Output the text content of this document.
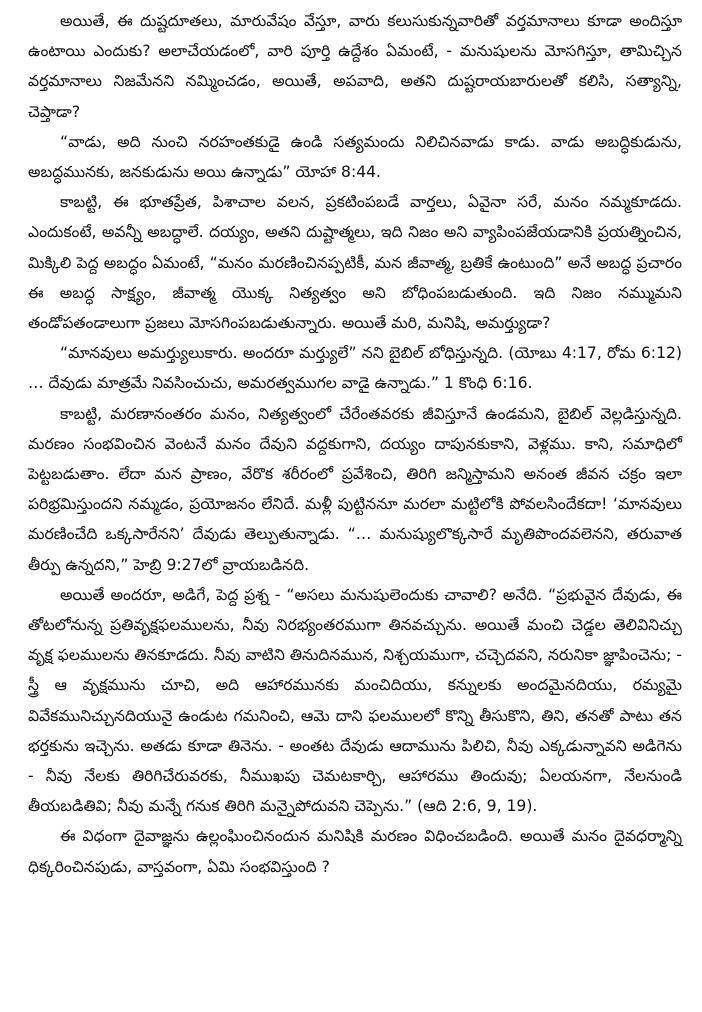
అయితే, ఈ దుష్టదూతలు, మారువేషం వేస్తూ, వారు కలుసుకున్నవారితో వర్తమానాలు కూడా అందిస్తూ ఉంటాయి ఎందుకు? అలాచేయడంలో, వారి పూర్తి ఉద్దేశం ఏమంటే, - మనుషులను మోసగిస్తూ, తామిచ్చిన వర్తమానాలు నిజమేనని నమ్మించడం, అయితే, అపవాది, అతని దుష్టరాయబారులతో కలిసి, సత్యాన్ని, చెప్తాడా?

“వాడు, అది నుంచి నరహంతకుడై ఉండి సత్యమందు నిలిచినవాడు కాడు. వాడు అబద్ధికుడును, అబద్ధమునకు, జనకుడును అయి ఉన్నాడు” యోహా 8:44.

కాబట్టి, ఈ భూతప్రేత, పిశాచాల వలన, ప్రకటింపబడే వార్తలు, ఏవైనా సరే, మనం నమ్మకూడదు. ఎందుకంటే, అవన్నీ అబద్ధాలే. దయ్యం, అతని దుష్టాత్మలు, ఇది నిజం అని వ్యాపింపజేయడానికి ప్రయత్నించిన, మిక్కిలి పెద్ద అబద్ధం ఏమంటే, “మనం మరణించినప్పటికీ, మన జీవాత్మ, బ్రతికే ఉంటుంది” అనే అబద్ధ ప్రచారం ఈ అబద్ధ సాక్ష్యం, జీవాత్మ యొక్క నిత్యత్వం అని బోధింపబడుతుంది. ఇది నిజం నమ్ముమని తండోపతండాలుగా ప్రజలు మోసగింపబడుతున్నారు. అయితే మరి, మనిషి, అమర్త్యుడా?

“మానవులు అమర్త్యులుకారు. అందరూ మర్త్యులే” నని బైబిల్ బోధిస్తున్నది. (యోబు 4:17, రోమ 6:12) … దేవుడు మాత్రమే నివసించుచు, అమరత్వముగల వాడై ఉన్నాడు.” 1 కొంధి 6:16.

కాబట్టి, మరణానంతరం మనం, నిత్యత్వంలో చేరేంతవరకు జీవిస్తూనే ఉండమని, బైబిల్ వెల్లడిస్తున్నది. మరణం సంభవించిన వెంటనే మనం దేవుని వద్దకుగాని, దయ్యం దాపునకుకాని, వెళ్లము. కాని, సమాధిలో పెట్టబడుతాం. లేదా మన ప్రాణం, వేరొక శరీరంలో ప్రవేశించి, తిరిగి జన్మిస్తామని అనంత జీవన చక్రం ఇలా పరిభ్రమిస్తుందని నమ్మడం, ప్రయోజనం లేనిదే. మళ్లీ పుట్టిననూ మరలా మట్టిలోకి పోవలసిందేకదా! ‘మానవులు మరణించేది ఒక్కసారేనని’ దేవుడు తెల్పుతున్నాడు. “… మనుష్యులొక్కసారే మృతిపొందవలెనని, తరువాత తీర్పు ఉన్నదని,” హెబ్రి 9:27లో వ్రాయబడినది.

అయితే అందరూ, అడిగే, పెద్ద ప్రశ్న - “అసలు మనుషులెందుకు చావాలి? అనేది. “ప్రభువైన దేవుడు, ఈ తోటలోనున్న ప్రతివృక్షఫలములను, నీవు నిరభ్యంతరముగా తినవచ్చును. అయితే మంచి చెడ్డల తెలివినిచ్చు వృక్ష ఫలములను తినకూడదు. నీవు వాటిని తినుదినమున, నిశ్చయముగా, చచ్చెదవని, నరునికా జ్ఞాపించెను; - స్త్రీ ఆ వృక్షమును చూచి, అది ఆహారమునకు మంచిదియు, కన్నులకు అందమైనదియు, రమ్యమై వివేకమునిచ్చునదియునై ఉండుట గమనించి, ఆమె దాని ఫలములలో కొన్ని తీసుకొని, తిని, తనతో పాటు తన భర్తకును ఇచ్చెను. అతడు కూడా తినెను. - అంతట దేవుడు ఆదామును పిలిచి, నీవు ఎక్కడున్నావని అడిగెను - నీవు నేలకు తిరిగిచేరువరకు, నీముఖపు చెమటకార్చి, ఆహారము తిందువు; ఏలయనగా, నేలనుండి తీయబడితివి; నీవు మన్నే గనుక తిరిగి మన్నైపోదువని చెప్పెను.” (ఆది 2:6, 9, 19).

ఈ విధంగా దైవాజ్ఞను ఉల్లంఘించినందున మనిషికి మరణం విధించబడింది. అయితే మనం దైవధర్మాన్ని ధిక్కరించినపుడు, వాస్తవంగా, ఏమి సంభవిస్తుంది ?
